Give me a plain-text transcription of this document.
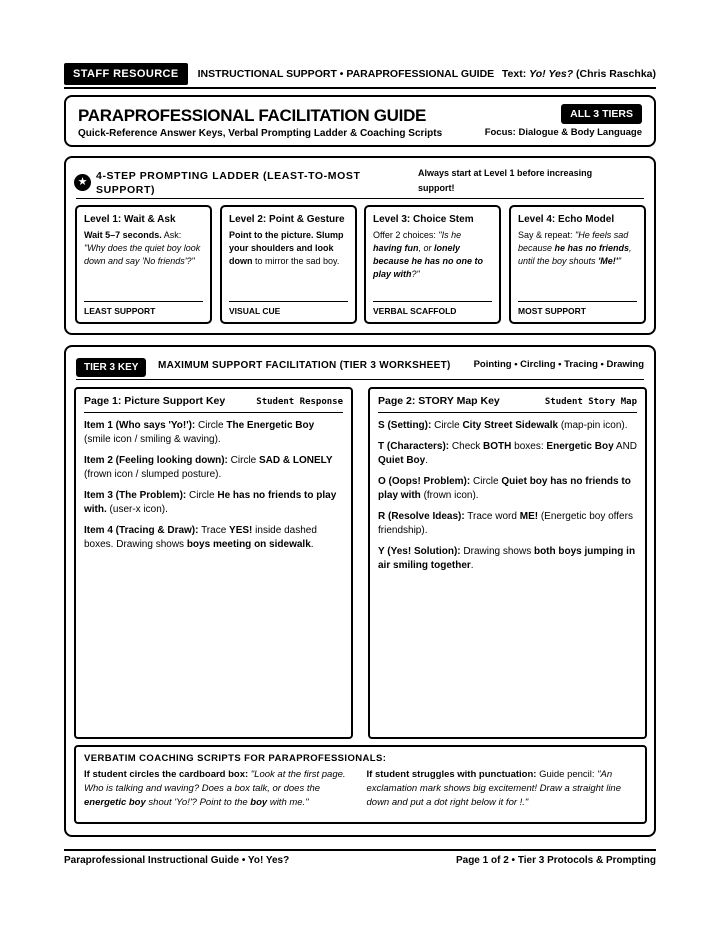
STAFF RESOURCE	INSTRUCTIONAL SUPPORT • PARAPROFESSIONAL GUIDE Text: Yo! Yes? (Chris Raschka)
PARAPROFESSIONAL FACILITATION GUIDE
Quick-Reference Answer Keys, Verbal Prompting Ladder & Coaching Scripts
ALL 3 TIERS
Focus: Dialogue & Body Language
★ 4-STEP PROMPTING LADDER (LEAST-TO-MOST SUPPORT)
Always start at Level 1 before increasing support!
Level 1: Wait & Ask
Wait 5–7 seconds. Ask: "Why does the quiet boy look down and say 'No friends'?"
LEAST SUPPORT
Level 2: Point & Gesture
Point to the picture. Slump your shoulders and look down to mirror the sad boy.
VISUAL CUE
Level 3: Choice Stem
Offer 2 choices: "Is he having fun, or lonely because he has no one to play with?"
VERBAL SCAFFOLD
Level 4: Echo Model
Say & repeat: "He feels sad because he has no friends, until the boy shouts 'Me!'"
MOST SUPPORT
TIER 3 KEY	MAXIMUM SUPPORT FACILITATION (TIER 3 WORKSHEET) Pointing • Circling • Tracing • Drawing
Page 1: Picture Support Key	Student Response
Item 1 (Who says 'Yo!'): Circle The Energetic Boy (smile icon / smiling & waving).
Item 2 (Feeling looking down): Circle SAD & LONELY (frown icon / slumped posture).
Item 3 (The Problem): Circle He has no friends to play with. (user-x icon).
Item 4 (Tracing & Draw): Trace YES! inside dashed boxes. Drawing shows boys meeting on sidewalk.
Page 2: STORY Map Key	Student Story Map
S (Setting): Circle City Street Sidewalk (map-pin icon).
T (Characters): Check BOTH boxes: Energetic Boy AND Quiet Boy.
O (Oops! Problem): Circle Quiet boy has no friends to play with (frown icon).
R (Resolve Ideas): Trace word ME! (Energetic boy offers friendship).
Y (Yes! Solution): Drawing shows both boys jumping in air smiling together.
VERBATIM COACHING SCRIPTS FOR PARAPROFESSIONALS:
If student circles the cardboard box: "Look at the first page. Who is talking and waving? Does a box talk, or does the energetic boy shout 'Yo!'? Point to the boy with me."
If student struggles with punctuation: Guide pencil: "An exclamation mark shows big excitement! Draw a straight line down and put a dot right below it for !."
Paraprofessional Instructional Guide • Yo! Yes?	Page 1 of 2 • Tier 3 Protocols & Prompting
